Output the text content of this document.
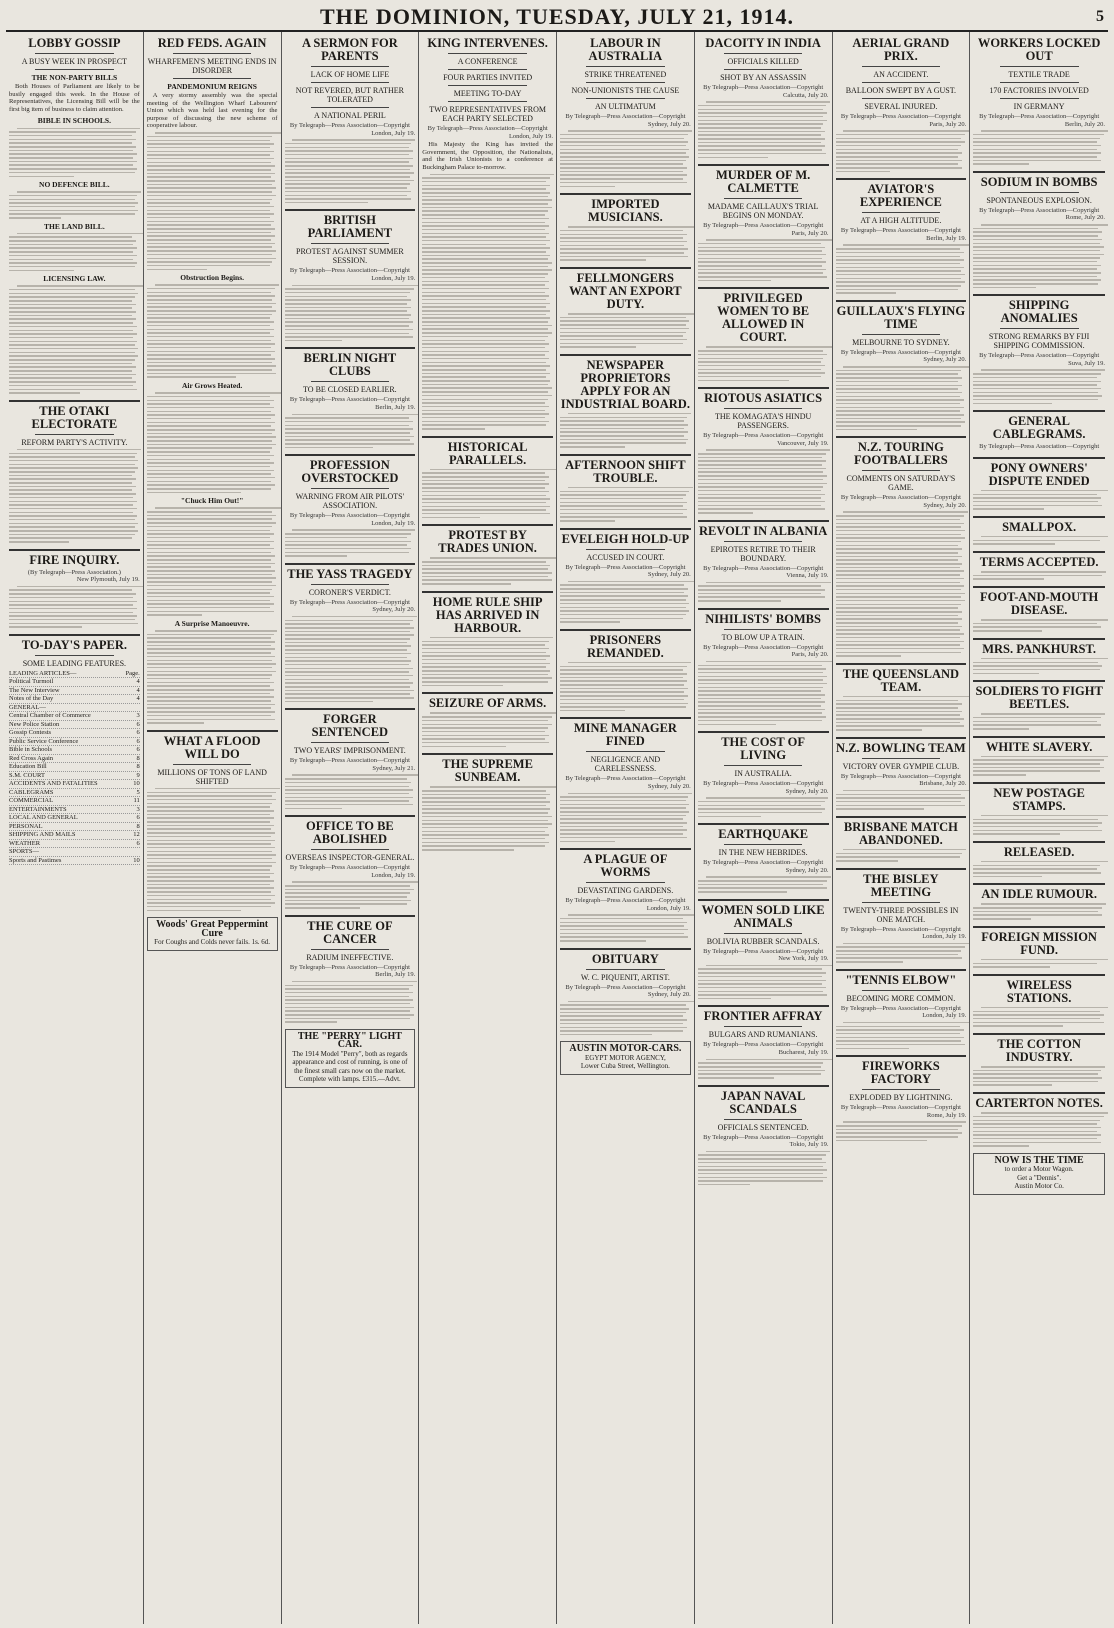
THE DOMINION, TUESDAY, JULY 21, 1914.	5
LOBBY GOSSIP
A BUSY WEEK IN PROSPECT
THE NON-PARTY BILLS

Both Houses of Parliament are likely to be busily engaged this week. In the House of Representatives, the Licensing Bill will be the first big item of business to claim attention.

BIBLE IN SCHOOLS.
NO DEFENCE BILL.
THE LAND BILL.
LICENSING LAW.
THE OTAKI ELECTORATE
REFORM PARTY'S ACTIVITY.
FIRE INQUIRY.
(By Telegraph—Press Association.)
New Plymouth, July 19.
TO-DAY'S PAPER.
SOME LEADING FEATURES.
LEADING ARTICLES—	Page.
Political Turmoil	4
The New Interview	4
Notes of the Day	4
GENERAL—
Central Chamber of Commerce	3
New Police Station	6
Gossip Contests	6
Public Service Conference	6
Bible in Schools	6
Red Cross Again	8
Education Bill	8
S.M. COURT	9
ACCIDENTS AND FATALITIES	10
CABLEGRAMS	5
COMMERCIAL	11
ENTERTAINMENTS	3
LOCAL AND GENERAL	6
PERSONAL	8
SHIPPING AND MAILS	12
WEATHER	6
SPORTS—
Sports and Pastimes	10
RED FEDS. AGAIN
WHARFEMEN'S MEETING ENDS IN DISORDER
PANDEMONIUM REIGNS

A very stormy assembly was the special meeting of the Wellington Wharf Labourers' Union which was held last evening for the purpose of discussing the new scheme of cooperative labour.

Obstruction Begins.
Air Grows Heated.
"Chuck Him Out!"
A Surprise Manoeuvre.
WHAT A FLOOD WILL DO
MILLIONS OF TONS OF LAND SHIFTED
Woods' Great Peppermint Cure
For Coughs and Colds never fails. 1s. 6d.
A SERMON FOR PARENTS
LACK OF HOME LIFE
NOT REVERED, BUT RATHER TOLERATED
A NATIONAL PERIL
By Telegraph—Press Association—Copyright
London, July 19.
BRITISH PARLIAMENT
PROTEST AGAINST SUMMER SESSION.
By Telegraph—Press Association—Copyright
London, July 19.
BERLIN NIGHT CLUBS
TO BE CLOSED EARLIER.
By Telegraph—Press Association—Copyright
Berlin, July 19.
PROFESSION OVERSTOCKED
WARNING FROM AIR PILOTS' ASSOCIATION.
By Telegraph—Press Association—Copyright
London, July 19.
THE YASS TRAGEDY
CORONER'S VERDICT.
By Telegraph—Press Association—Copyright
Sydney, July 20.
FORGER SENTENCED
TWO YEARS' IMPRISONMENT.
By Telegraph—Press Association—Copyright
Sydney, July 21.
OFFICE TO BE ABOLISHED
OVERSEAS INSPECTOR-GENERAL.
By Telegraph—Press Association—Copyright
London, July 19.
THE CURE OF CANCER
RADIUM INEFFECTIVE.
By Telegraph—Press Association—Copyright
Berlin, July 19.
THE "PERRY" LIGHT CAR.
The 1914 Model "Perry", both as regards appearance and cost of running, is one of the finest small cars now on the market.
Complete with lamps. £315.—Advt.
KING INTERVENES.
A CONFERENCE
FOUR PARTIES INVITED
MEETING TO-DAY
TWO REPRESENTATIVES FROM EACH PARTY SELECTED
By Telegraph—Press Association—Copyright
London, July 19.

His Majesty the King has invited the Government, the Opposition, the Nationalists, and the Irish Unionists to a conference at Buckingham Palace to-morrow.

HISTORICAL PARALLELS.
PROTEST BY TRADES UNION.
HOME RULE SHIP HAS ARRIVED IN HARBOUR.
SEIZURE OF ARMS.
THE SUPREME SUNBEAM.
LABOUR IN AUSTRALIA
STRIKE THREATENED
NON-UNIONISTS THE CAUSE
AN ULTIMATUM
By Telegraph—Press Association—Copyright
Sydney, July 20.
IMPORTED MUSICIANS.
FELLMONGERS WANT AN EXPORT DUTY.
NEWSPAPER PROPRIETORS APPLY FOR AN INDUSTRIAL BOARD.
AFTERNOON SHIFT TROUBLE.
EVELEIGH HOLD-UP
ACCUSED IN COURT.
By Telegraph—Press Association—Copyright
Sydney, July 20.
PRISONERS REMANDED.
MINE MANAGER FINED
NEGLIGENCE AND CARELESSNESS.
By Telegraph—Press Association—Copyright
Sydney, July 20.
A PLAGUE OF WORMS
DEVASTATING GARDENS.
By Telegraph—Press Association—Copyright
London, July 19.
OBITUARY
W. C. PIQUENIT, ARTIST.
By Telegraph—Press Association—Copyright
Sydney, July 20.
AUSTIN MOTOR-CARS.
EGYPT MOTOR AGENCY,
Lower Cuba Street, Wellington.
DACOITY IN INDIA
OFFICIALS KILLED
SHOT BY AN ASSASSIN
By Telegraph—Press Association—Copyright
Calcutta, July 20.
MURDER OF M. CALMETTE
MADAME CAILLAUX'S TRIAL BEGINS ON MONDAY.
By Telegraph—Press Association—Copyright
Paris, July 20.
PRIVILEGED WOMEN TO BE ALLOWED IN COURT.
RIOTOUS ASIATICS
THE KOMAGATA'S HINDU PASSENGERS.
By Telegraph—Press Association—Copyright
Vancouver, July 19.
REVOLT IN ALBANIA
EPIROTES RETIRE TO THEIR BOUNDARY.
By Telegraph—Press Association—Copyright
Vienna, July 19.
NIHILISTS' BOMBS
TO BLOW UP A TRAIN.
By Telegraph—Press Association—Copyright
Paris, July 20.
THE COST OF LIVING
IN AUSTRALIA.
By Telegraph—Press Association—Copyright
Sydney, July 20.
EARTHQUAKE
IN THE NEW HEBRIDES.
By Telegraph—Press Association—Copyright
Sydney, July 20.
WOMEN SOLD LIKE ANIMALS
BOLIVIA RUBBER SCANDALS.
By Telegraph—Press Association—Copyright
New York, July 19.
FRONTIER AFFRAY
BULGARS AND RUMANIANS.
By Telegraph—Press Association—Copyright
Bucharest, July 19.
JAPAN NAVAL SCANDALS
OFFICIALS SENTENCED.
By Telegraph—Press Association—Copyright
Tokio, July 19.
AERIAL GRAND PRIX.
AN ACCIDENT.
BALLOON SWEPT BY A GUST.
SEVERAL INJURED.
By Telegraph—Press Association—Copyright
Paris, July 20.
AVIATOR'S EXPERIENCE
AT A HIGH ALTITUDE.
By Telegraph—Press Association—Copyright
Berlin, July 19.
GUILLAUX'S FLYING TIME
MELBOURNE TO SYDNEY.
By Telegraph—Press Association—Copyright
Sydney, July 20.
N.Z. TOURING FOOTBALLERS
COMMENTS ON SATURDAY'S GAME.
By Telegraph—Press Association—Copyright
Sydney, July 20.
THE QUEENSLAND TEAM.
N.Z. BOWLING TEAM
VICTORY OVER GYMPIE CLUB.
By Telegraph—Press Association—Copyright
Brisbane, July 20.
BRISBANE MATCH ABANDONED.
THE BISLEY MEETING
TWENTY-THREE POSSIBLES IN ONE MATCH.
By Telegraph—Press Association—Copyright
London, July 19.
"TENNIS ELBOW"
BECOMING MORE COMMON.
By Telegraph—Press Association—Copyright
London, July 19.
FIREWORKS FACTORY
EXPLODED BY LIGHTNING.
By Telegraph—Press Association—Copyright
Rome, July 19.
WORKERS LOCKED OUT
TEXTILE TRADE
170 FACTORIES INVOLVED
IN GERMANY
By Telegraph—Press Association—Copyright
Berlin, July 20.
SODIUM IN BOMBS
SPONTANEOUS EXPLOSION.
By Telegraph—Press Association—Copyright
Rome, July 20.
SHIPPING ANOMALIES
STRONG REMARKS BY FIJI SHIPPING COMMISSION.
By Telegraph—Press Association—Copyright
Suva, July 19.
GENERAL CABLEGRAMS.
By Telegraph—Press Association—Copyright
PONY OWNERS' DISPUTE ENDED
SMALLPOX.
TERMS ACCEPTED.
FOOT-AND-MOUTH DISEASE.
MRS. PANKHURST.
SOLDIERS TO FIGHT BEETLES.
WHITE SLAVERY.
NEW POSTAGE STAMPS.
RELEASED.
AN IDLE RUMOUR.
FOREIGN MISSION FUND.
WIRELESS STATIONS.
THE COTTON INDUSTRY.
CARTERTON NOTES.
NOW IS THE TIME
to order a Motor Wagon.
Get a "Dennis".
Austin Motor Co.
